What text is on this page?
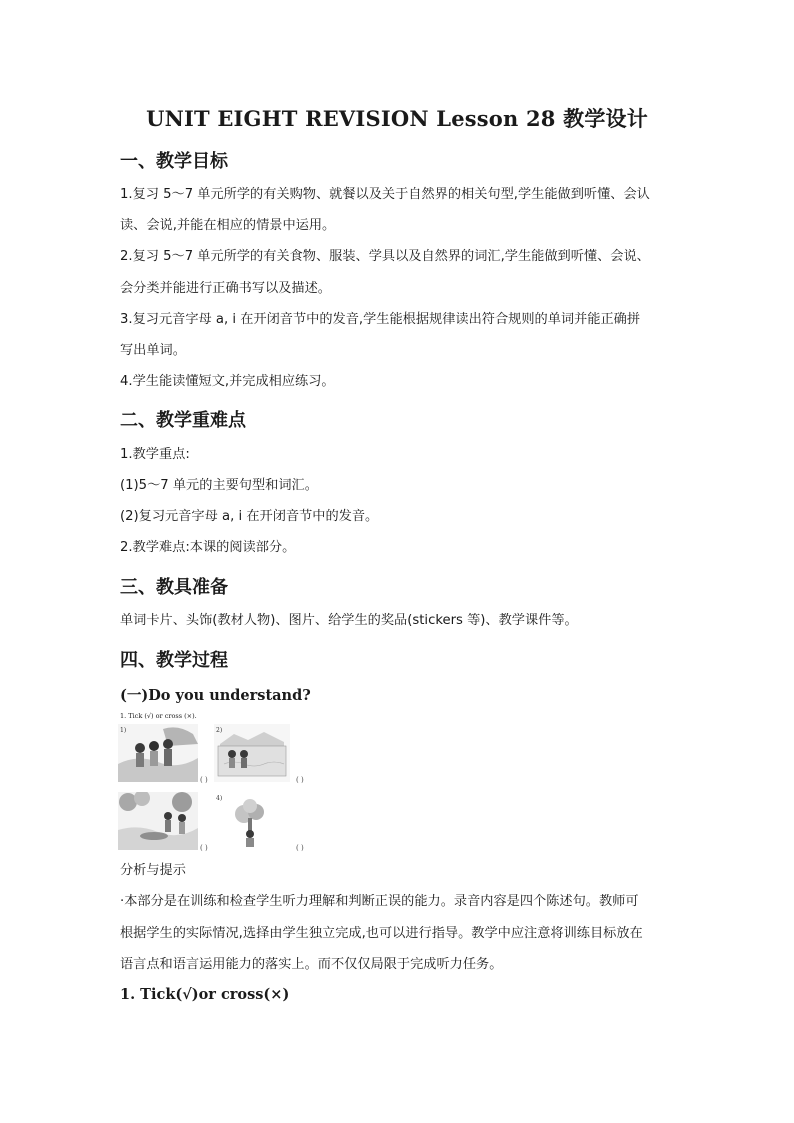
UNIT EIGHT REVISION Lesson 28 教学设计
一、教学目标
1.复习 5～7 单元所学的有关购物、就餐以及关于自然界的相关句型,学生能做到听懂、会认
读、会说,并能在相应的情景中运用。
2.复习 5～7 单元所学的有关食物、服装、学具以及自然界的词汇,学生能做到听懂、会说、
会分类并能进行正确书写以及描述。
3.复习元音字母 a, i 在开闭音节中的发音,学生能根据规律读出符合规则的单词并能正确拼
写出单词。
4.学生能读懂短文,并完成相应练习。
二、教学重难点
1.教学重点:
(1)5～7 单元的主要句型和词汇。
(2)复习元音字母 a, i 在开闭音节中的发音。
2.教学难点:本课的阅读部分。
三、教具准备
单词卡片、头饰(教材人物)、图片、给学生的奖品(stickers 等)、教学课件等。
四、教学过程
(一)Do you understand?
1. Tick (√) or cross (×).
1)
( )
2)
( )
( )
4)
( )
分析与提示
·本部分是在训练和检查学生听力理解和判断正误的能力。录音内容是四个陈述句。教师可
根据学生的实际情况,选择由学生独立完成,也可以进行指导。教学中应注意将训练目标放在
语言点和语言运用能力的落实上。而不仅仅局限于完成听力任务。
1. Tick(√)or cross(×)
